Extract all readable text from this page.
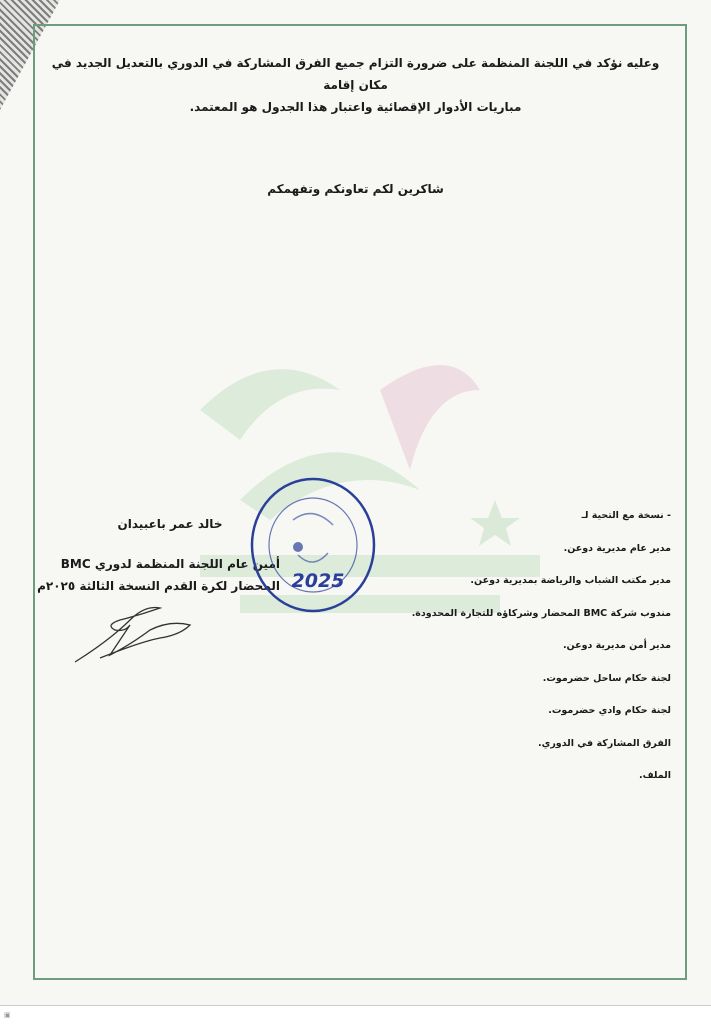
وعليه نؤكد في اللجنة المنظمة على ضرورة التزام جميع الفرق المشاركة في الدوري بالتعديل الجديد في مكان إقامة
مباريات الأدوار الإقصائية واعتبار هذا الجدول هو المعتمد.
شاكرين لكم تعاونكم وتفهمكم
- نسخة مع التحية لـ
مدير عام مديرية دوعن.
مدير مكتب الشباب والرياضة بمديرية دوعن.
مندوب شركة BMC المحضار وشركاؤه للتجارة المحدودة.
مدير أمن مديرية دوعن.
لجنة حكام ساحل حضرموت.
لجنة حكام وادي حضرموت.
الفرق المشاركة في الدوري.
الملف.
خالد عمر باعبيدان
أمين عام اللجنة المنظمة لدوري BMC
المحضار لكرة القدم النسخة الثالثة ٢٠٢٥م 2025
▣
